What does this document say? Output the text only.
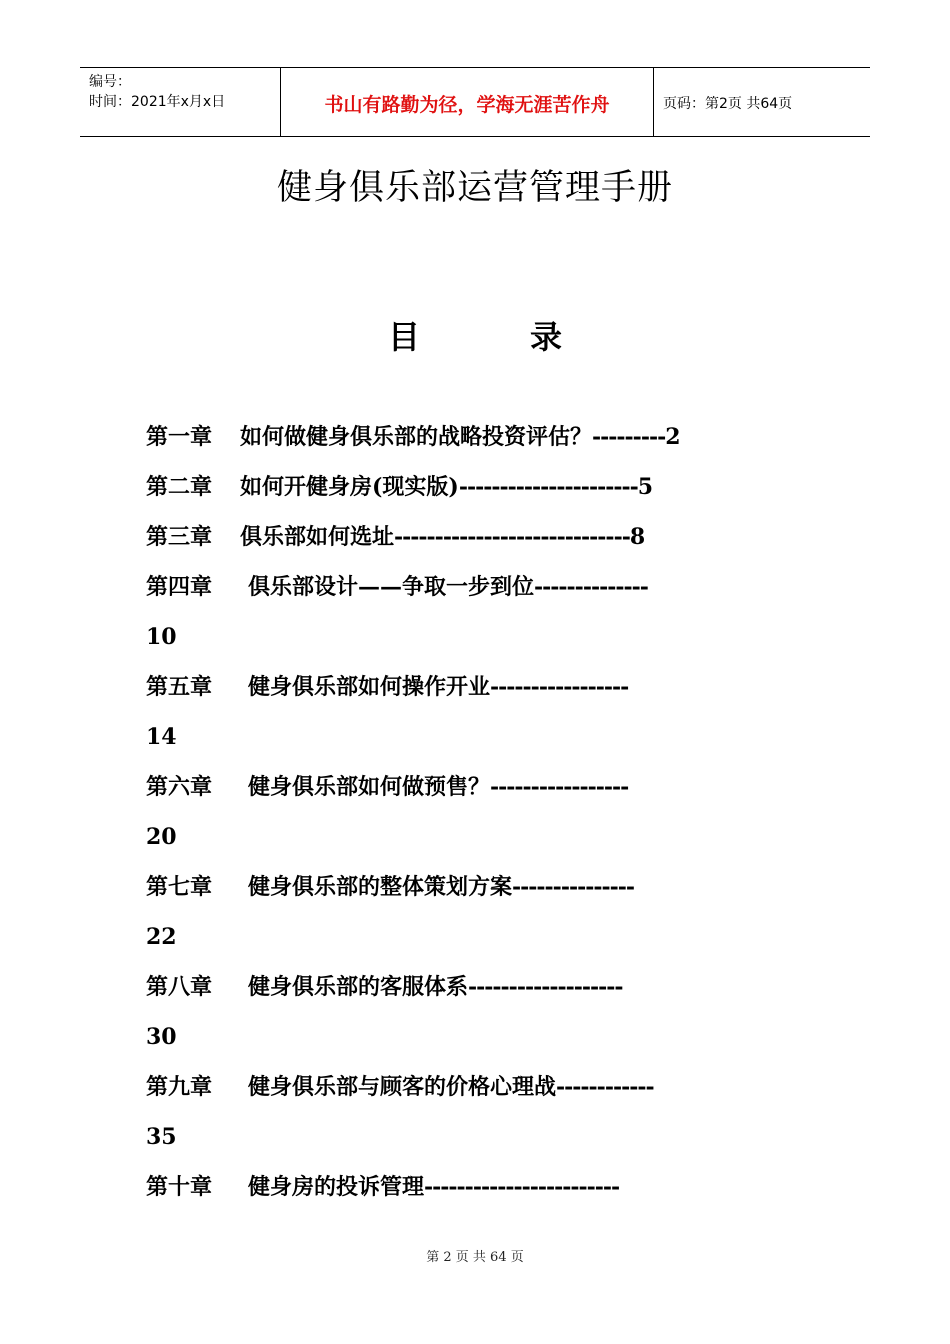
编号：
时间：2021年x月x日	书山有路勤为径，学海无涯苦作舟	页码：第2页 共64页
健身俱乐部运营管理手册
目	录
第一章 如何做健身俱乐部的战略投资评估？---------2
第二章 如何开健身房(现实版)----------------------5
第三章 俱乐部如何选址-----------------------------8
第四章 俱乐部设计——争取一步到位--------------
10
第五章 健身俱乐部如何操作开业-----------------
14
第六章 健身俱乐部如何做预售？-----------------
20
第七章 健身俱乐部的整体策划方案---------------
22
第八章 健身俱乐部的客服体系-------------------
30
第九章 健身俱乐部与顾客的价格心理战------------
35
第十章 健身房的投诉管理------------------------
第 2 页 共 64 页
